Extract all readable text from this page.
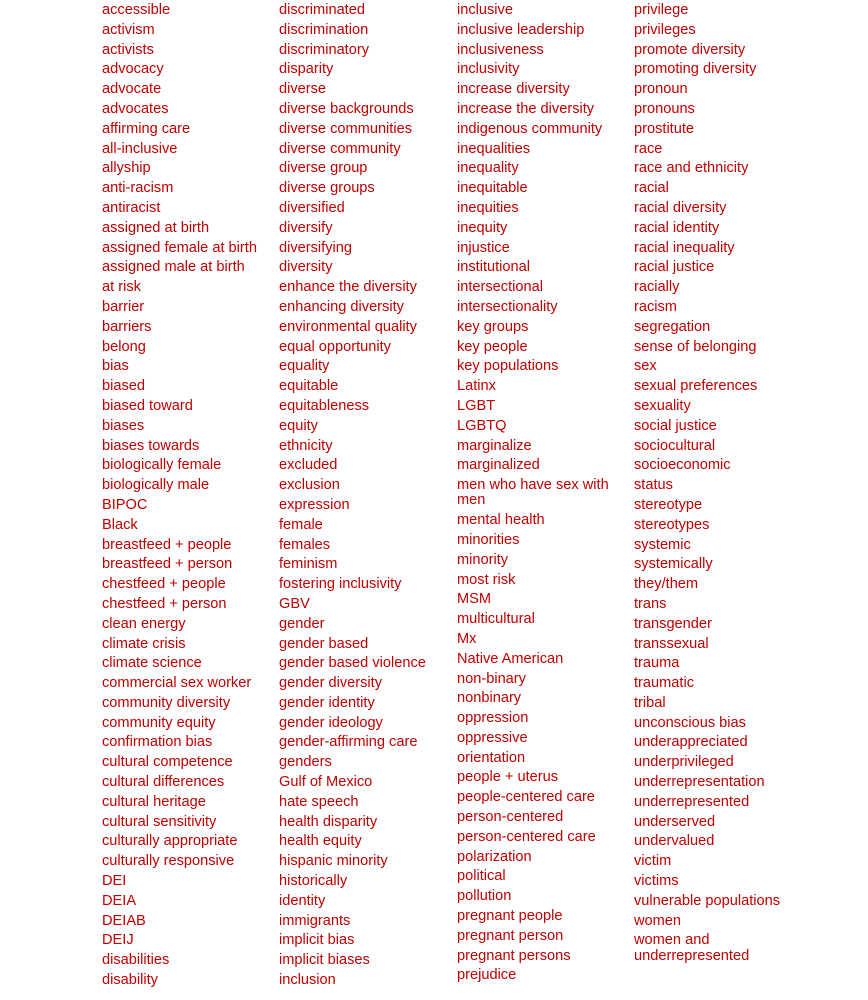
accessible
activism
activists
advocacy
advocate
advocates
affirming care
all-inclusive
allyship
anti-racism
antiracist
assigned at birth
assigned female at birth
assigned male at birth
at risk
barrier
barriers
belong
bias
biased
biased toward
biases
biases towards
biologically female
biologically male
BIPOC
Black
breastfeed + people
breastfeed + person
chestfeed + people
chestfeed + person
clean energy
climate crisis
climate science
commercial sex worker
community diversity
community equity
confirmation bias
cultural competence
cultural differences
cultural heritage
cultural sensitivity
culturally appropriate
culturally responsive
DEI
DEIA
DEIAB
DEIJ
disabilities
disability
discriminated
discrimination
discriminatory
disparity
diverse
diverse backgrounds
diverse communities
diverse community
diverse group
diverse groups
diversified
diversify
diversifying
diversity
enhance the diversity
enhancing diversity
environmental quality
equal opportunity
equality
equitable
equitableness
equity
ethnicity
excluded
exclusion
expression
female
females
feminism
fostering inclusivity
GBV
gender
gender based
gender based violence
gender diversity
gender identity
gender ideology
gender-affirming care
genders
Gulf of Mexico
hate speech
health disparity
health equity
hispanic minority
historically
identity
immigrants
implicit bias
implicit biases
inclusion
inclusive
inclusive leadership
inclusiveness
inclusivity
increase diversity
increase the diversity
indigenous community
inequalities
inequality
inequitable
inequities
inequity
injustice
institutional
intersectional
intersectionality
key groups
key people
key populations
Latinx
LGBT
LGBTQ
marginalize
marginalized
men who have sex with men
mental health
minorities
minority
most risk
MSM
multicultural
Mx
Native American
non-binary
nonbinary
oppression
oppressive
orientation
people + uterus
people-centered care
person-centered
person-centered care
polarization
political
pollution
pregnant people
pregnant person
pregnant persons
prejudice
privilege
privileges
promote diversity
promoting diversity
pronoun
pronouns
prostitute
race
race and ethnicity
racial
racial diversity
racial identity
racial inequality
racial justice
racially
racism
segregation
sense of belonging
sex
sexual preferences
sexuality
social justice
sociocultural
socioeconomic
status
stereotype
stereotypes
systemic
systemically
they/them
trans
transgender
transsexual
trauma
traumatic
tribal
unconscious bias
underappreciated
underprivileged
underrepresentation
underrepresented
underserved
undervalued
victim
victims
vulnerable populations
women
women and underrepresented
